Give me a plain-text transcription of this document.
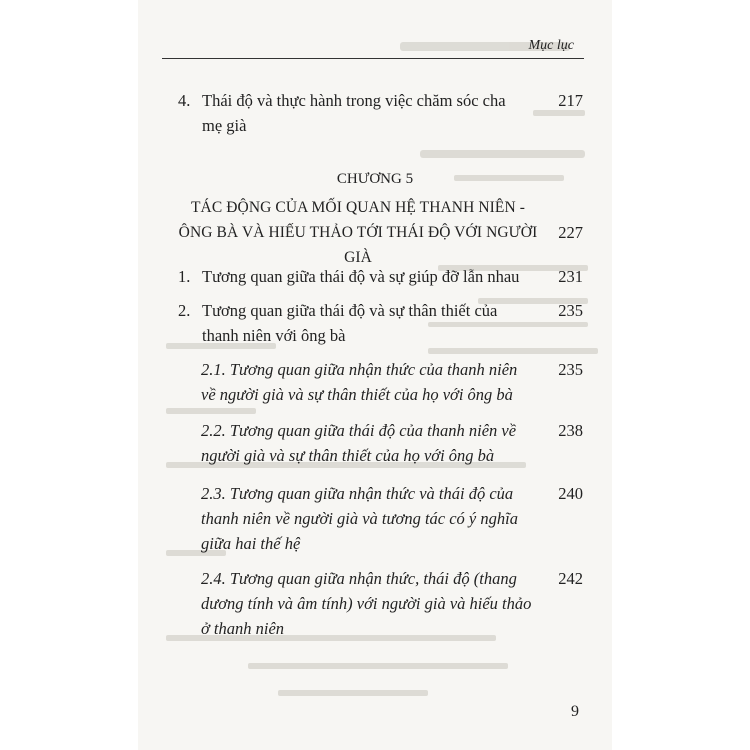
Mục lục
4. Thái độ và thực hành trong việc chăm sóc cha
mẹ già
217
CHƯƠNG 5
TÁC ĐỘNG CỦA MỐI QUAN HỆ THANH NIÊN -
ÔNG BÀ VÀ HIẾU THẢO TỚI THÁI ĐỘ VỚI NGƯỜI GIÀ
227
1. Tương quan giữa thái độ và sự giúp đỡ lẫn nhau	231
2. Tương quan giữa thái độ và sự thân thiết của
thanh niên với ông bà
235
2.1. Tương quan giữa nhận thức của thanh niên
về người già và sự thân thiết của họ với ông bà
235
2.2. Tương quan giữa thái độ của thanh niên về
người già và sự thân thiết của họ với ông bà
238
2.3. Tương quan giữa nhận thức và thái độ của
thanh niên về người già và tương tác có ý nghĩa
giữa hai thế hệ
240
2.4. Tương quan giữa nhận thức, thái độ (thang
dương tính và âm tính) với người già và hiếu thảo
ở thanh niên
242
9
